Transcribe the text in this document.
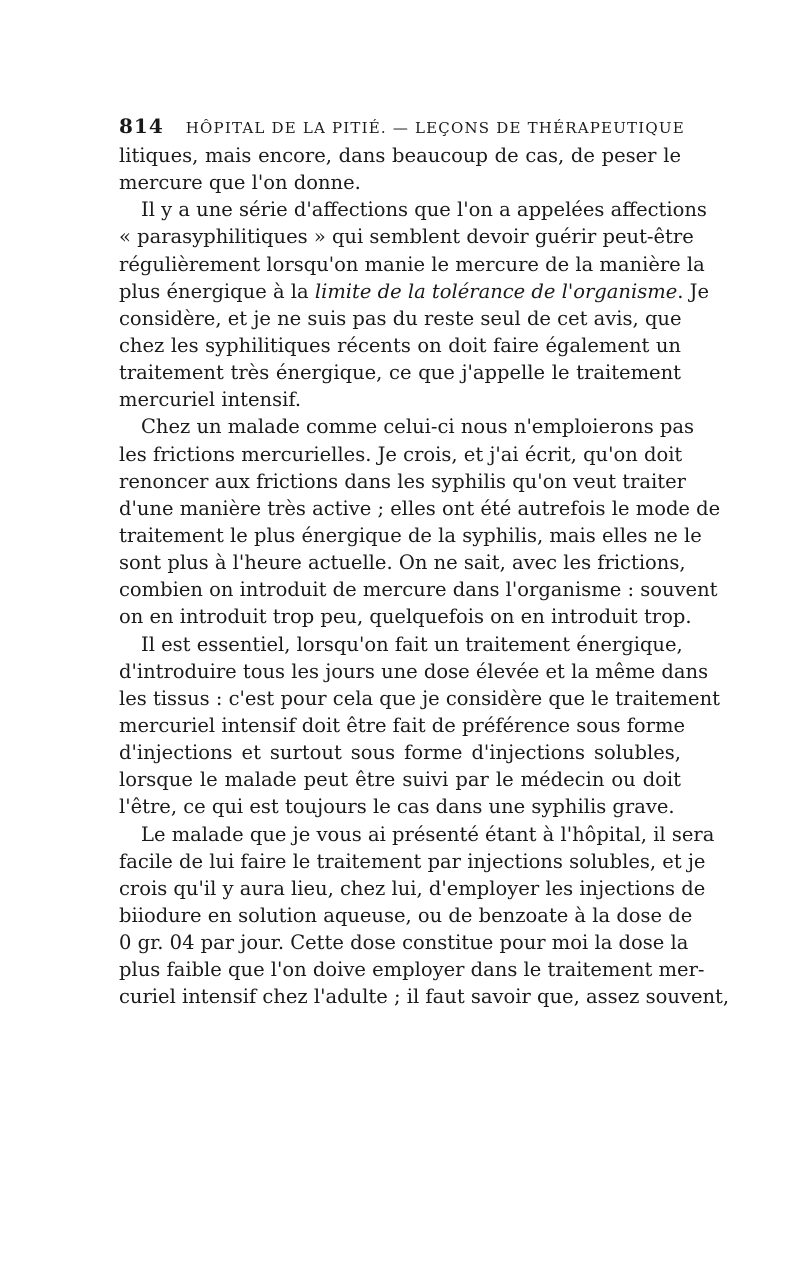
814 HÔPITAL DE LA PITIÉ. — LEÇONS DE THÉRAPEUTIQUE
litiques, mais encore, dans beaucoup de cas, de peser le
mercure que l'on donne.
Il y a une série d'affections que l'on a appelées affections
« parasyphilitiques » qui semblent devoir guérir peut-être
régulièrement lorsqu'on manie le mercure de la manière la
plus énergique à la limite de la tolérance de l'organisme. Je
considère, et je ne suis pas du reste seul de cet avis, que
chez les syphilitiques récents on doit faire également un
traitement très énergique, ce que j'appelle le traitement
mercuriel intensif.
Chez un malade comme celui-ci nous n'emploierons pas
les frictions mercurielles. Je crois, et j'ai écrit, qu'on doit
renoncer aux frictions dans les syphilis qu'on veut traiter
d'une manière très active ; elles ont été autrefois le mode de
traitement le plus énergique de la syphilis, mais elles ne le
sont plus à l'heure actuelle. On ne sait, avec les frictions,
combien on introduit de mercure dans l'organisme : souvent
on en introduit trop peu, quelquefois on en introduit trop.
Il est essentiel, lorsqu'on fait un traitement énergique,
d'introduire tous les jours une dose élevée et la même dans
les tissus : c'est pour cela que je considère que le traitement
mercuriel intensif doit être fait de préférence sous forme
d'injections et surtout sous forme d'injections solubles,
lorsque le malade peut être suivi par le médecin ou doit
l'être, ce qui est toujours le cas dans une syphilis grave.
Le malade que je vous ai présenté étant à l'hôpital, il sera
facile de lui faire le traitement par injections solubles, et je
crois qu'il y aura lieu, chez lui, d'employer les injections de
biiodure en solution aqueuse, ou de benzoate à la dose de
0 gr. 04 par jour. Cette dose constitue pour moi la dose la
plus faible que l'on doive employer dans le traitement mer-
curiel intensif chez l'adulte ; il faut savoir que, assez souvent,
